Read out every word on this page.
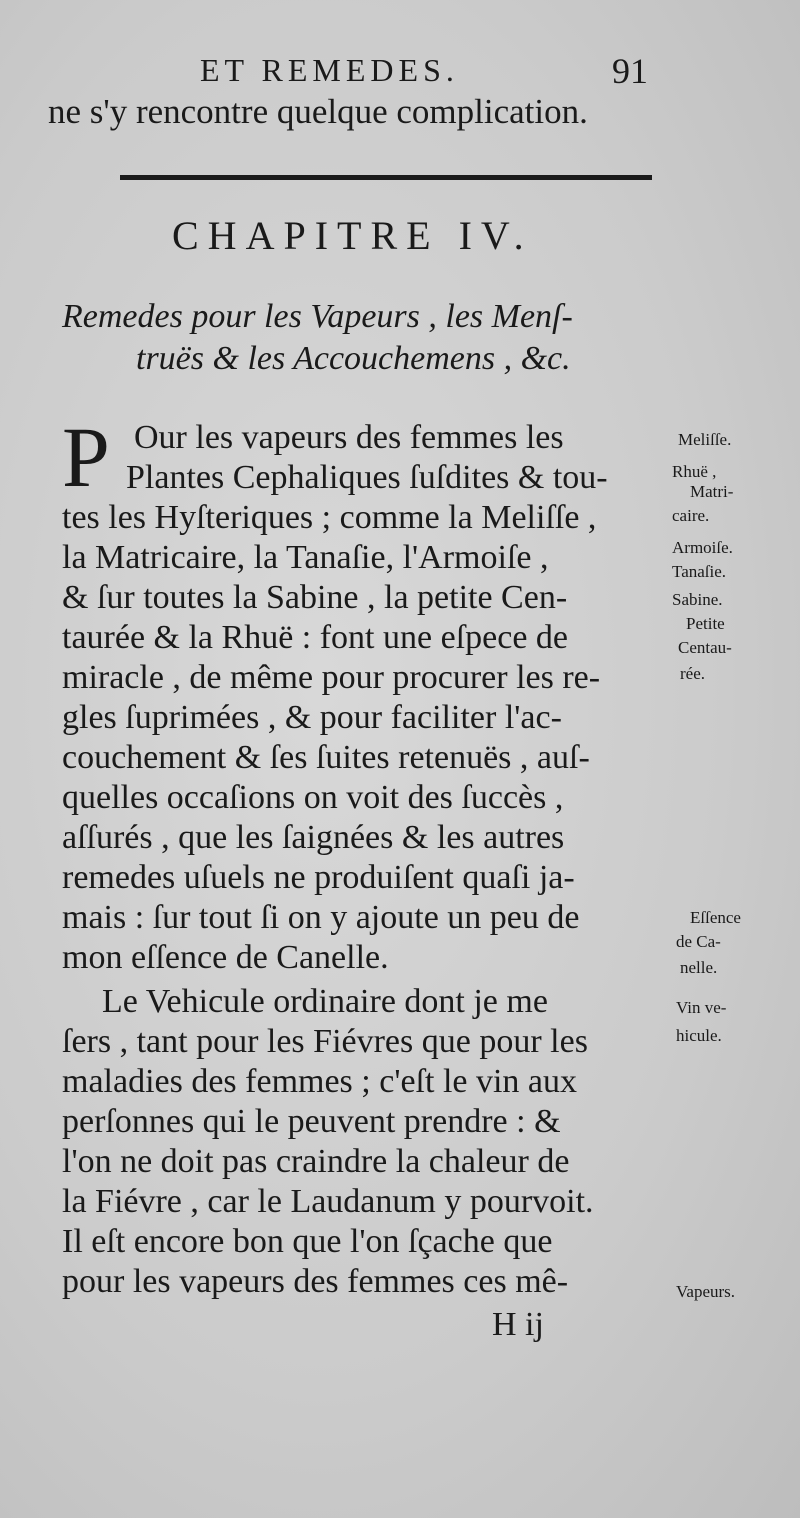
ET REMEDES.	91
ne s'y rencontre quelque complication.
CHAPITRE IV.
Remedes pour les Vapeurs , les Menſ-
truës & les Accouchemens , &c.
P Our les vapeurs des femmes les
Plantes Cephaliques ſuſdites & tou-
tes les Hyſteriques ; comme la Meliſſe ,
la Matricaire, la Tanaſie, l'Armoiſe ,
& ſur toutes la Sabine , la petite Cen-
taurée & la Rhuë : font une eſpece de
miracle , de même pour procurer les re-
gles ſuprimées , & pour faciliter l'ac-
couchement & ſes ſuites retenuës , auſ-
quelles occaſions on voit des ſuccès ,
aſſurés , que les ſaignées & les autres
remedes uſuels ne produiſent quaſi ja-
mais : ſur tout ſi on y ajoute un peu de
mon eſſence de Canelle.
Le Vehicule ordinaire dont je me
ſers , tant pour les Fiévres que pour les
maladies des femmes ; c'eſt le vin aux
perſonnes qui le peuvent prendre : &
l'on ne doit pas craindre la chaleur de
la Fiévre , car le Laudanum y pourvoit.
Il eſt encore bon que l'on ſçache que
pour les vapeurs des femmes ces mê-
Meliſſe.
Rhuë ,
Matri-
caire.
Armoiſe.
Tanaſie.
Sabine.
Petite
Centau-
rée.
Eſſence
de Ca-
nelle.
Vin ve-
hicule.
Vapeurs.
H ij
